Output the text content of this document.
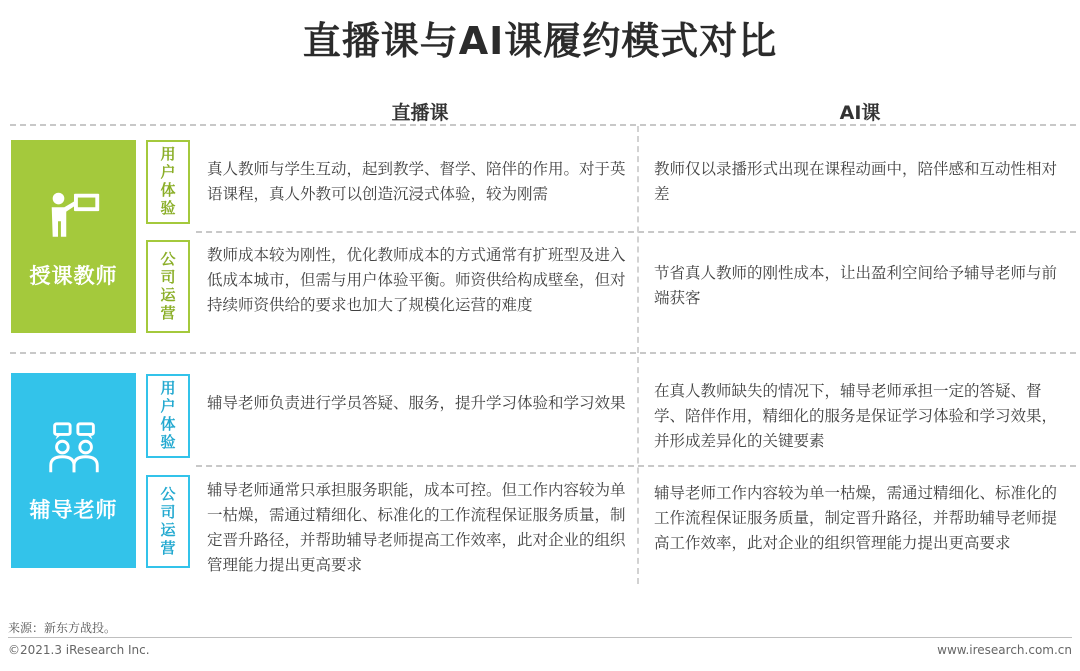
直播课与AI课履约模式对比
直播课	AI课
授课教师
用户体验 真人教师与学生互动，起到教学、督学、陪伴的作用。对于英语课程，真人外教可以创造沉浸式体验，较为刚需
教师仅以录播形式出现在课程动画中，陪伴感和互动性相对差
公司运营 教师成本较为刚性，优化教师成本的方式通常有扩班型及进入低成本城市，但需与用户体验平衡。师资供给构成壁垒，但对持续师资供给的要求也加大了规模化运营的难度
节省真人教师的刚性成本，让出盈利空间给予辅导老师与前端获客
辅导老师
用户体验 辅导老师负责进行学员答疑、服务，提升学习体验和学习效果
在真人教师缺失的情况下，辅导老师承担一定的答疑、督学、陪伴作用，精细化的服务是保证学习体验和学习效果，并形成差异化的关键要素
公司运营 辅导老师通常只承担服务职能，成本可控。但工作内容较为单一枯燥，需通过精细化、标准化的工作流程保证服务质量，制定晋升路径，并帮助辅导老师提高工作效率，此对企业的组织管理能力提出更高要求
辅导老师工作内容较为单一枯燥，需通过精细化、标准化的工作流程保证服务质量，制定晋升路径，并帮助辅导老师提高工作效率，此对企业的组织管理能力提出更高要求
来源：新东方战投。
©2021.3 iResearch Inc.	www.iresearch.com.cn
